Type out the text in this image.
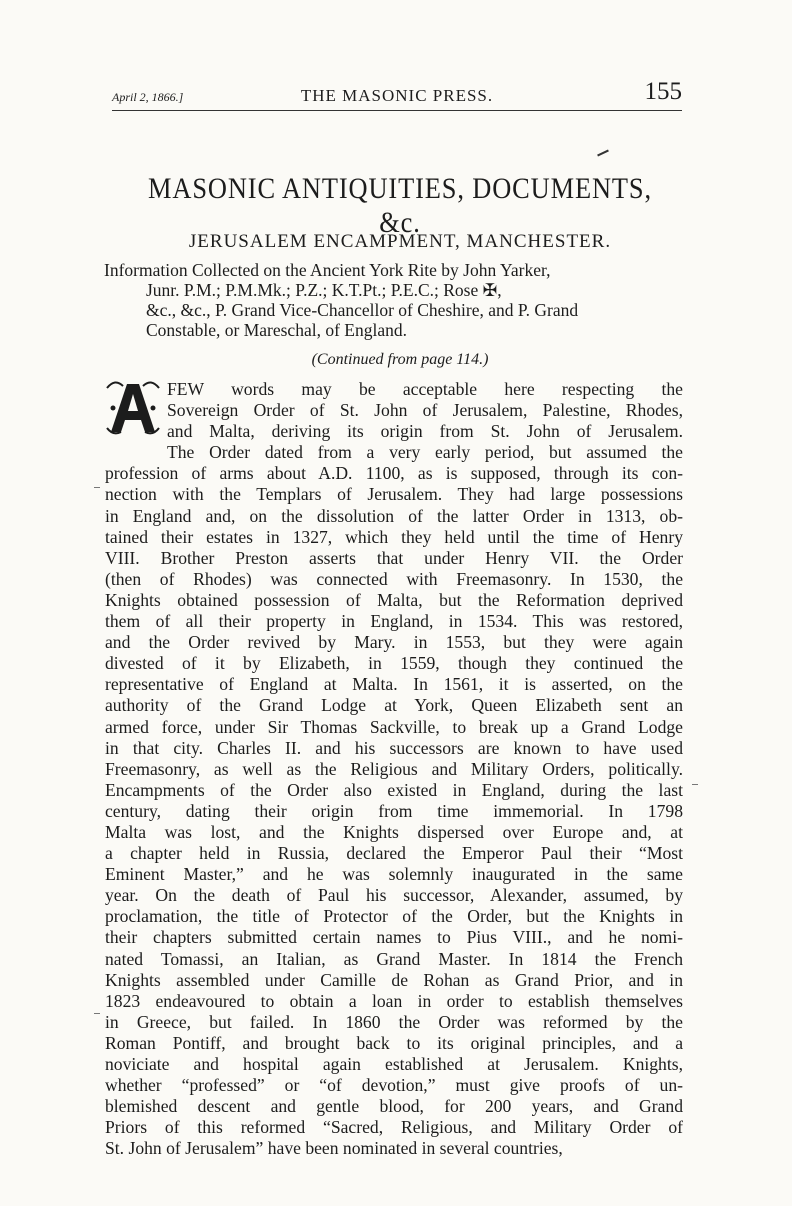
April 2, 1866.]	THE MASONIC PRESS.	155
MASONIC ANTIQUITIES, DOCUMENTS, &c.
JERUSALEM ENCAMPMENT, MANCHESTER.
Information Collected on the Ancient York Rite by John Yarker,
Junr. P.M.; P.M.Mk.; P.Z.; K.T.Pt.; P.E.C.; Rose ✠,
&c., &c., P. Grand Vice-Chancellor of Cheshire, and P. Grand
Constable, or Mareschal, of England.
(Continued from page 114.)
FEW words may be acceptable here respecting the
Sovereign Order of St. John of Jerusalem, Palestine, Rhodes,
and Malta, deriving its origin from St. John of Jerusalem.
The Order dated from a very early period, but assumed the
profession of arms about A.D. 1100, as is supposed, through its con-
nection with the Templars of Jerusalem. They had large possessions
in England and, on the dissolution of the latter Order in 1313, ob-
tained their estates in 1327, which they held until the time of Henry
VIII. Brother Preston asserts that under Henry VII. the Order
(then of Rhodes) was connected with Freemasonry. In 1530, the
Knights obtained possession of Malta, but the Reformation deprived
them of all their property in England, in 1534. This was restored,
and the Order revived by Mary. in 1553, but they were again
divested of it by Elizabeth, in 1559, though they continued the
representative of England at Malta. In 1561, it is asserted, on the
authority of the Grand Lodge at York, Queen Elizabeth sent an
armed force, under Sir Thomas Sackville, to break up a Grand Lodge
in that city. Charles II. and his successors are known to have used
Freemasonry, as well as the Religious and Military Orders, politically.
Encampments of the Order also existed in England, during the last
century, dating their origin from time immemorial. In 1798
Malta was lost, and the Knights dispersed over Europe and, at
a chapter held in Russia, declared the Emperor Paul their “Most
Eminent Master,” and he was solemnly inaugurated in the same
year. On the death of Paul his successor, Alexander, assumed, by
proclamation, the title of Protector of the Order, but the Knights in
their chapters submitted certain names to Pius VIII., and he nomi-
nated Tomassi, an Italian, as Grand Master. In 1814 the French
Knights assembled under Camille de Rohan as Grand Prior, and in
1823 endeavoured to obtain a loan in order to establish themselves
in Greece, but failed. In 1860 the Order was reformed by the
Roman Pontiff, and brought back to its original principles, and a
noviciate and hospital again established at Jerusalem. Knights,
whether “professed” or “of devotion,” must give proofs of un-
blemished descent and gentle blood, for 200 years, and Grand
Priors of this reformed “Sacred, Religious, and Military Order of
St. John of Jerusalem” have been nominated in several countries,
